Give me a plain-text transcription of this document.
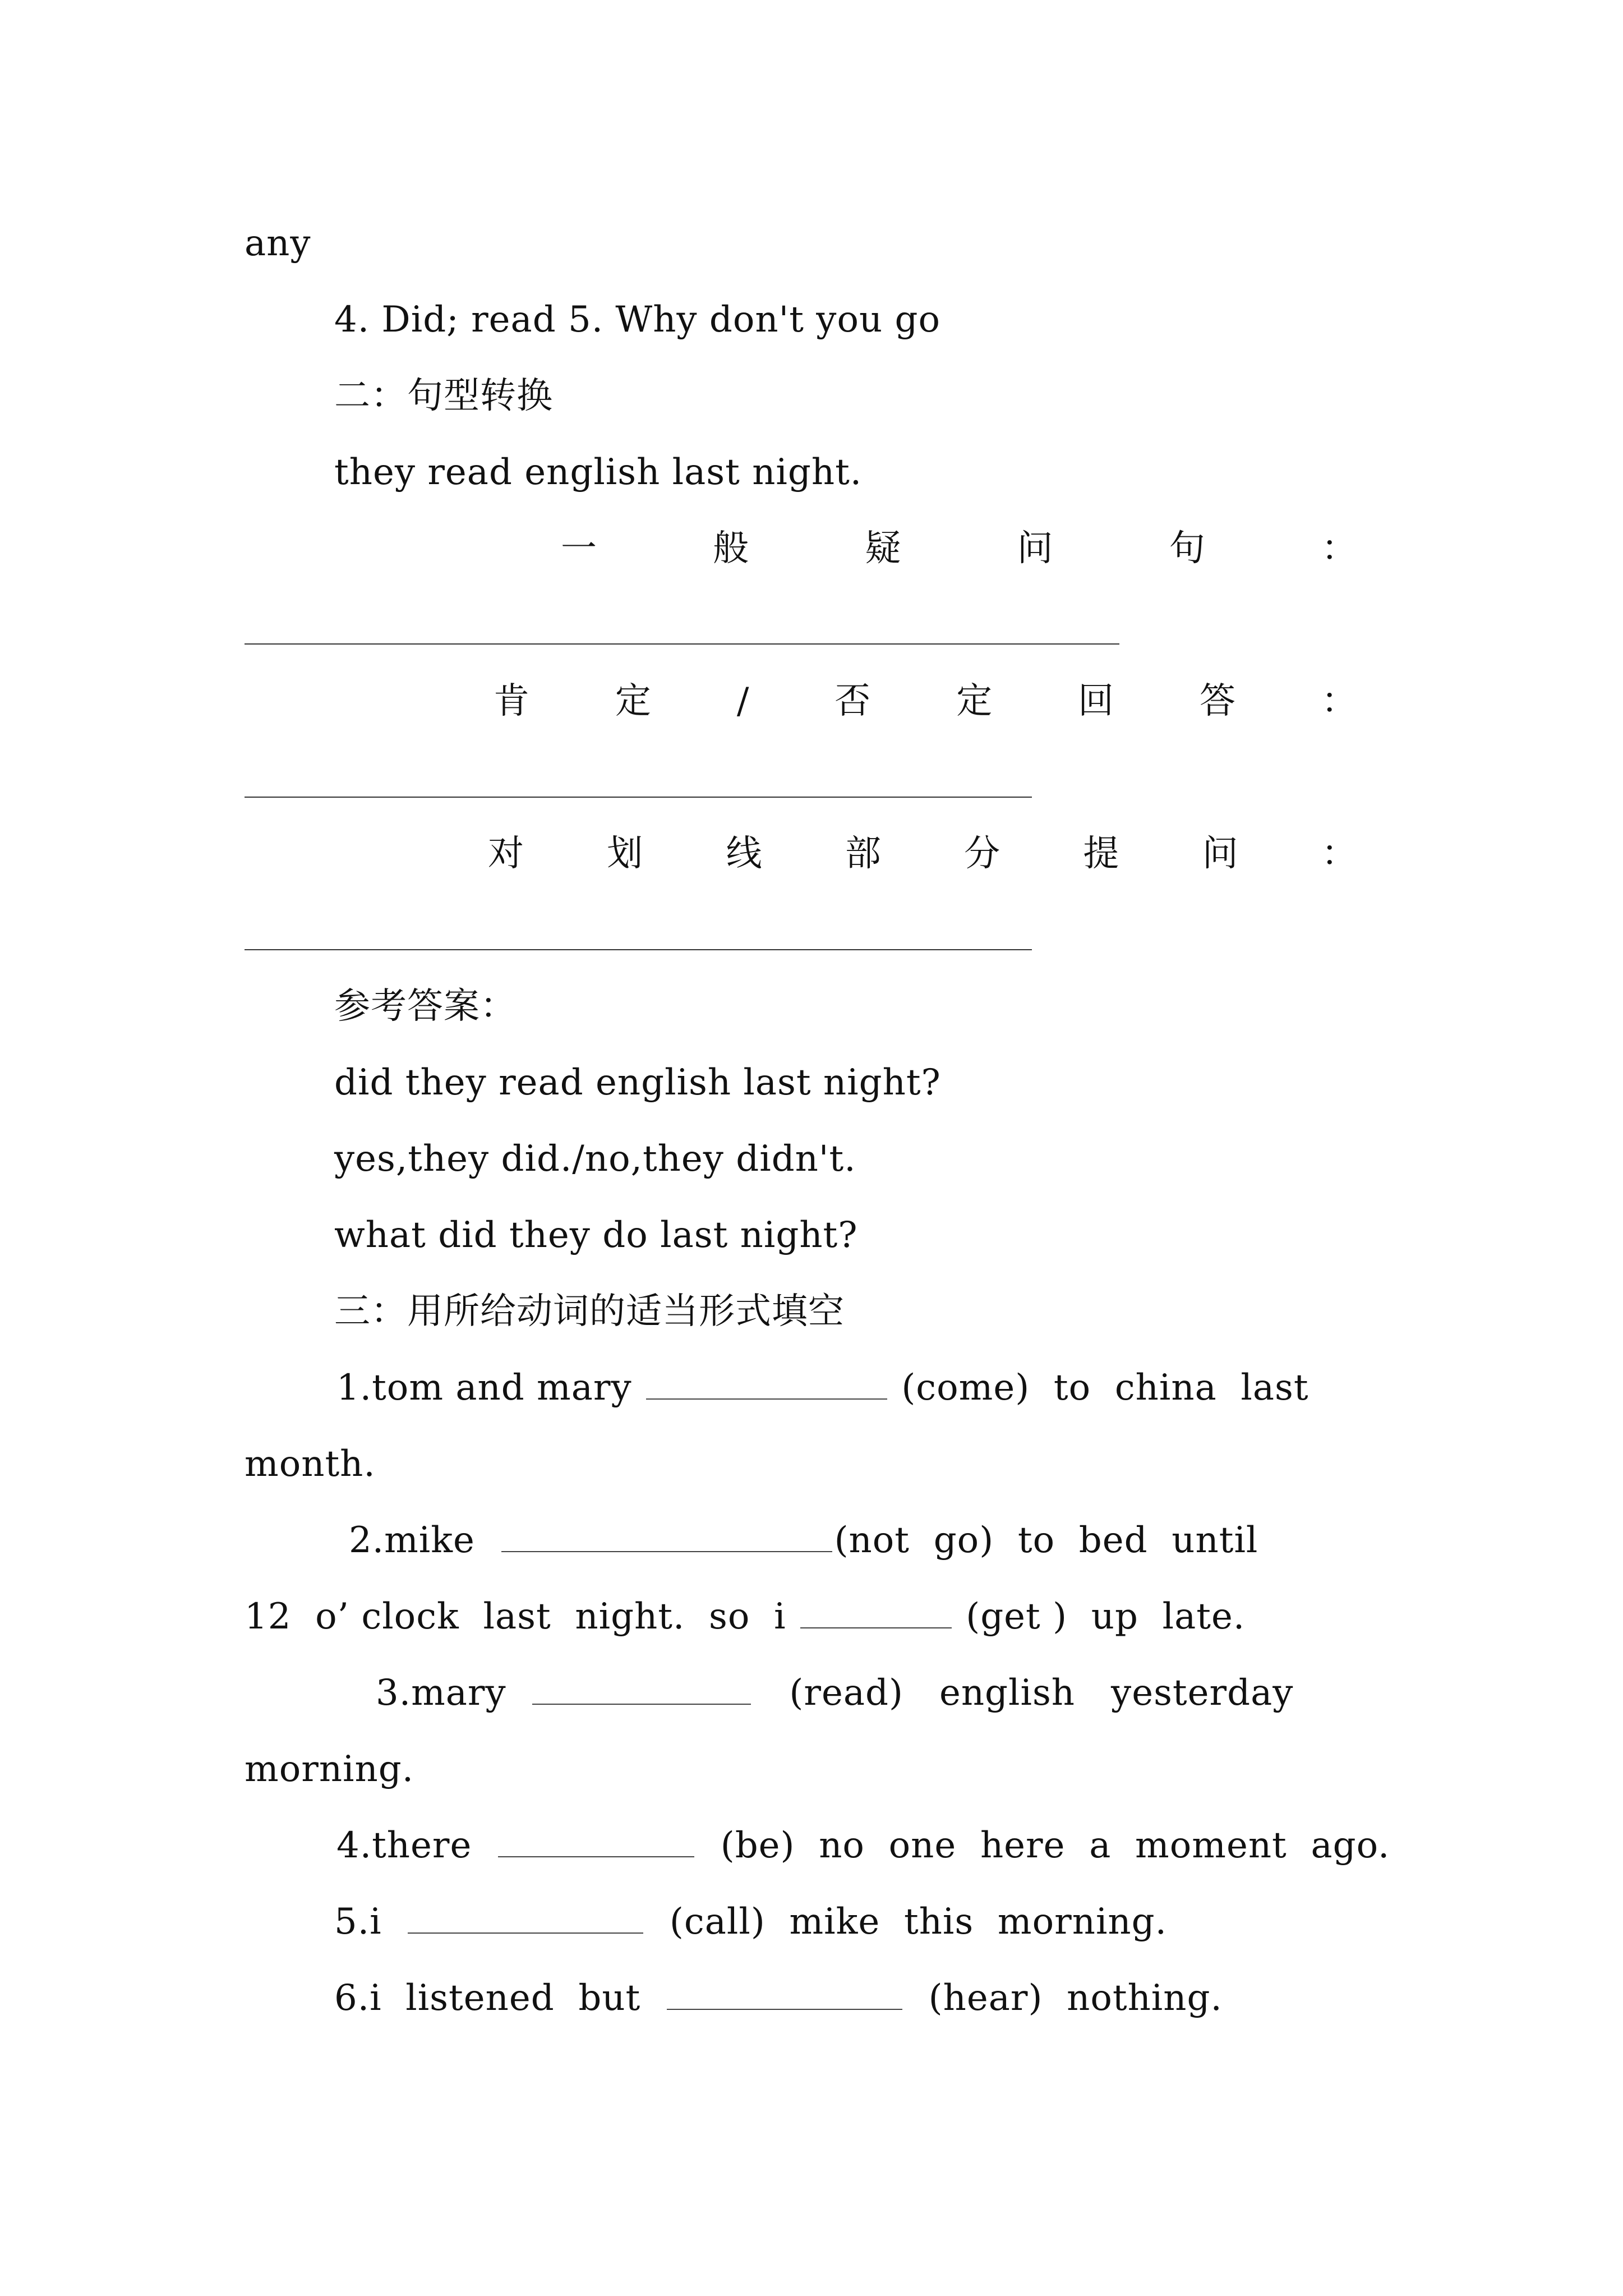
any
4. Did; read 5. Why don't you go
二：句型转换
they read english last night.
一	般	疑	问	句	：
肯 定 / 否 定 回 答 ：
对 划 线 部 分 提 问 ：
参考答案：
did they read english last night?
yes,they did./no,they didn't.
what did they do last night?
三：用所给动词的适当形式填空
1.tom and mary	(come)  to  china  last
month.
2.mike	(not  go)  to  bed  until
12  o’ clock  last  night.  so  i	(get )  up  late.
3.mary	(read)   english   yesterday
morning.
4.there	(be)  no  one  here  a  moment  ago.
5.i	(call)  mike  this  morning.
6.i  listened  but	(hear)  nothing.
